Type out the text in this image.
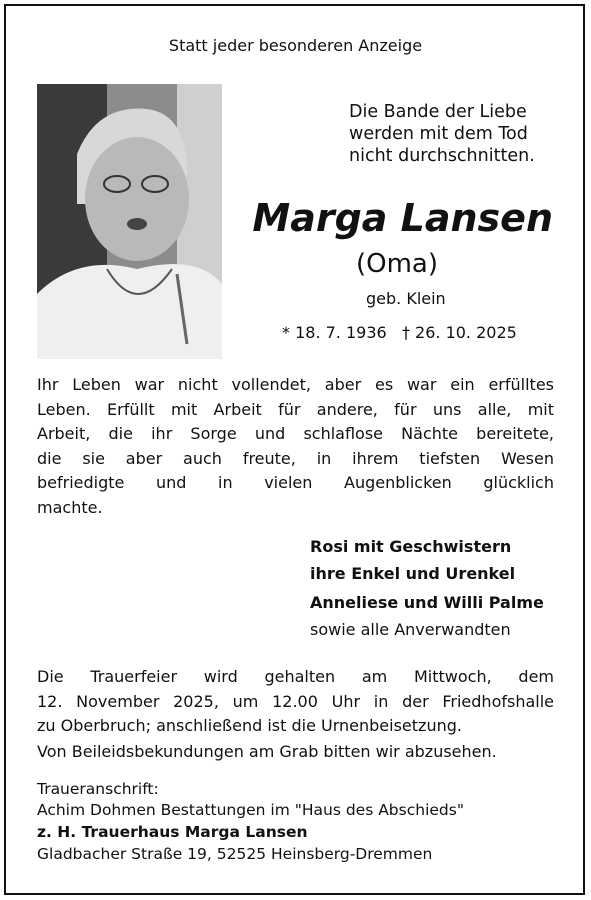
Statt jeder besonderen Anzeige
Die Bande der Liebe
werden mit dem Tod
nicht durchschnitten.
Marga Lansen
(Oma)
geb. Klein
* 18. 7. 1936   † 26. 10. 2025
Ihr Leben war nicht vollendet, aber es war ein erfülltes
Leben. Erfüllt mit Arbeit für andere, für uns alle, mit
Arbeit, die ihr Sorge und schlaflose Nächte bereitete,
die sie aber auch freute, in ihrem tiefsten Wesen
befriedigte und in vielen Augenblicken glücklich
machte.
Rosi mit Geschwistern
ihre Enkel und Urenkel
Anneliese und Willi Palme
sowie alle Anverwandten
Die Trauerfeier wird gehalten am Mittwoch, dem
12. November 2025, um 12.00 Uhr in der Friedhofshalle
zu Oberbruch; anschließend ist die Urnenbeisetzung.
Von Beileidsbekundungen am Grab bitten wir abzusehen.
Traueranschrift:
Achim Dohmen Bestattungen im "Haus des Abschieds"
z. H. Trauerhaus Marga Lansen
Gladbacher Straße 19, 52525 Heinsberg-Dremmen
